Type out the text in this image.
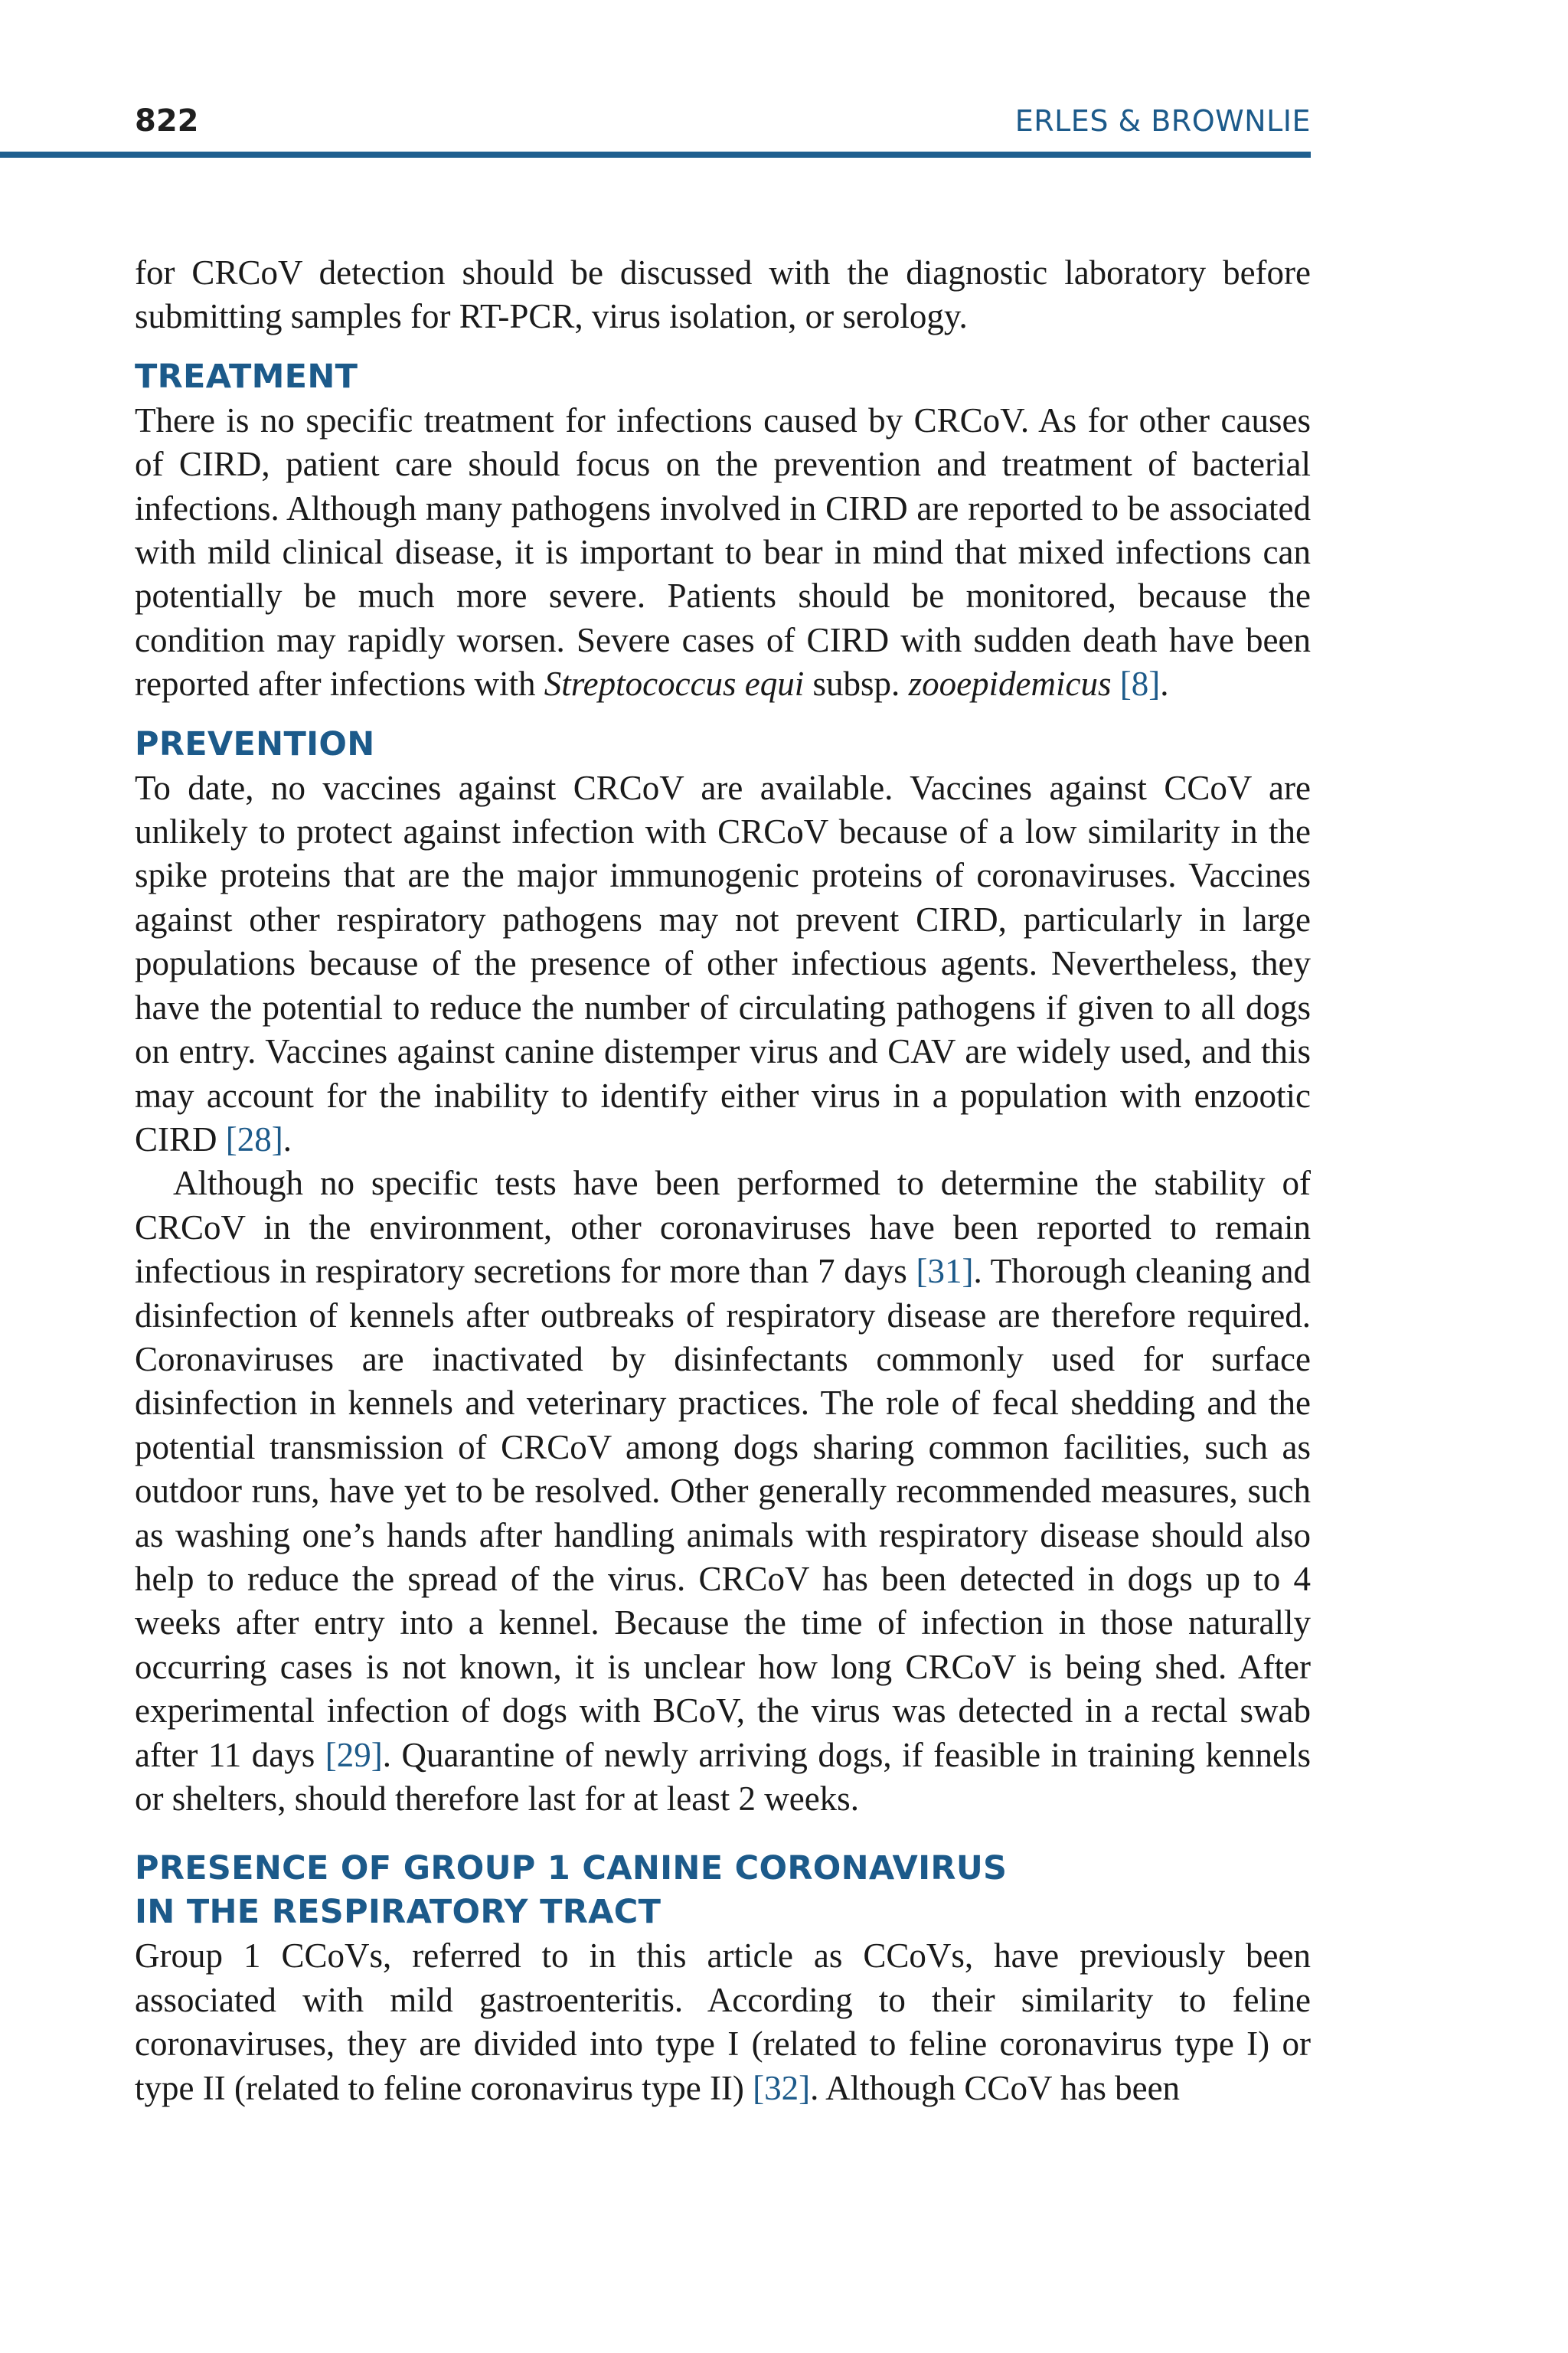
822	ERLES & BROWNLIE

for CRCoV detection should be discussed with the diagnostic laboratory before submitting samples for RT-PCR, virus isolation, or serology.

TREATMENT

There is no specific treatment for infections caused by CRCoV. As for other causes of CIRD, patient care should focus on the prevention and treatment of bacterial infections. Although many pathogens involved in CIRD are reported to be associated with mild clinical disease, it is important to bear in mind that mixed infections can potentially be much more severe. Patients should be monitored, because the condition may rapidly worsen. Severe cases of CIRD with sudden death have been reported after infections with Streptococcus equi subsp. zooepidemicus [8].

PREVENTION

To date, no vaccines against CRCoV are available. Vaccines against CCoV are unlikely to protect against infection with CRCoV because of a low similarity in the spike proteins that are the major immunogenic proteins of coronaviruses. Vaccines against other respiratory pathogens may not prevent CIRD, particularly in large populations because of the presence of other infectious agents. Nevertheless, they have the potential to reduce the number of circulating pathogens if given to all dogs on entry. Vaccines against canine distemper virus and CAV are widely used, and this may account for the inability to identify either virus in a population with enzootic CIRD [28].

Although no specific tests have been performed to determine the stability of CRCoV in the environment, other coronaviruses have been reported to remain infectious in respiratory secretions for more than 7 days [31]. Thorough cleaning and disinfection of kennels after outbreaks of respiratory disease are therefore required. Coronaviruses are inactivated by disinfectants commonly used for surface disinfection in kennels and veterinary practices. The role of fecal shedding and the potential transmission of CRCoV among dogs sharing common facilities, such as outdoor runs, have yet to be resolved. Other generally recommended measures, such as washing one’s hands after handling animals with respiratory disease should also help to reduce the spread of the virus. CRCoV has been detected in dogs up to 4 weeks after entry into a kennel. Because the time of infection in those naturally occurring cases is not known, it is unclear how long CRCoV is being shed. After experimental infection of dogs with BCoV, the virus was detected in a rectal swab after 11 days [29]. Quarantine of newly arriving dogs, if feasible in training kennels or shelters, should therefore last for at least 2 weeks.

PRESENCE OF GROUP 1 CANINE CORONAVIRUS
IN THE RESPIRATORY TRACT

Group 1 CCoVs, referred to in this article as CCoVs, have previously been associated with mild gastroenteritis. According to their similarity to feline coronaviruses, they are divided into type I (related to feline coronavirus type I) or type II (related to feline coronavirus type II) [32]. Although CCoV has been
